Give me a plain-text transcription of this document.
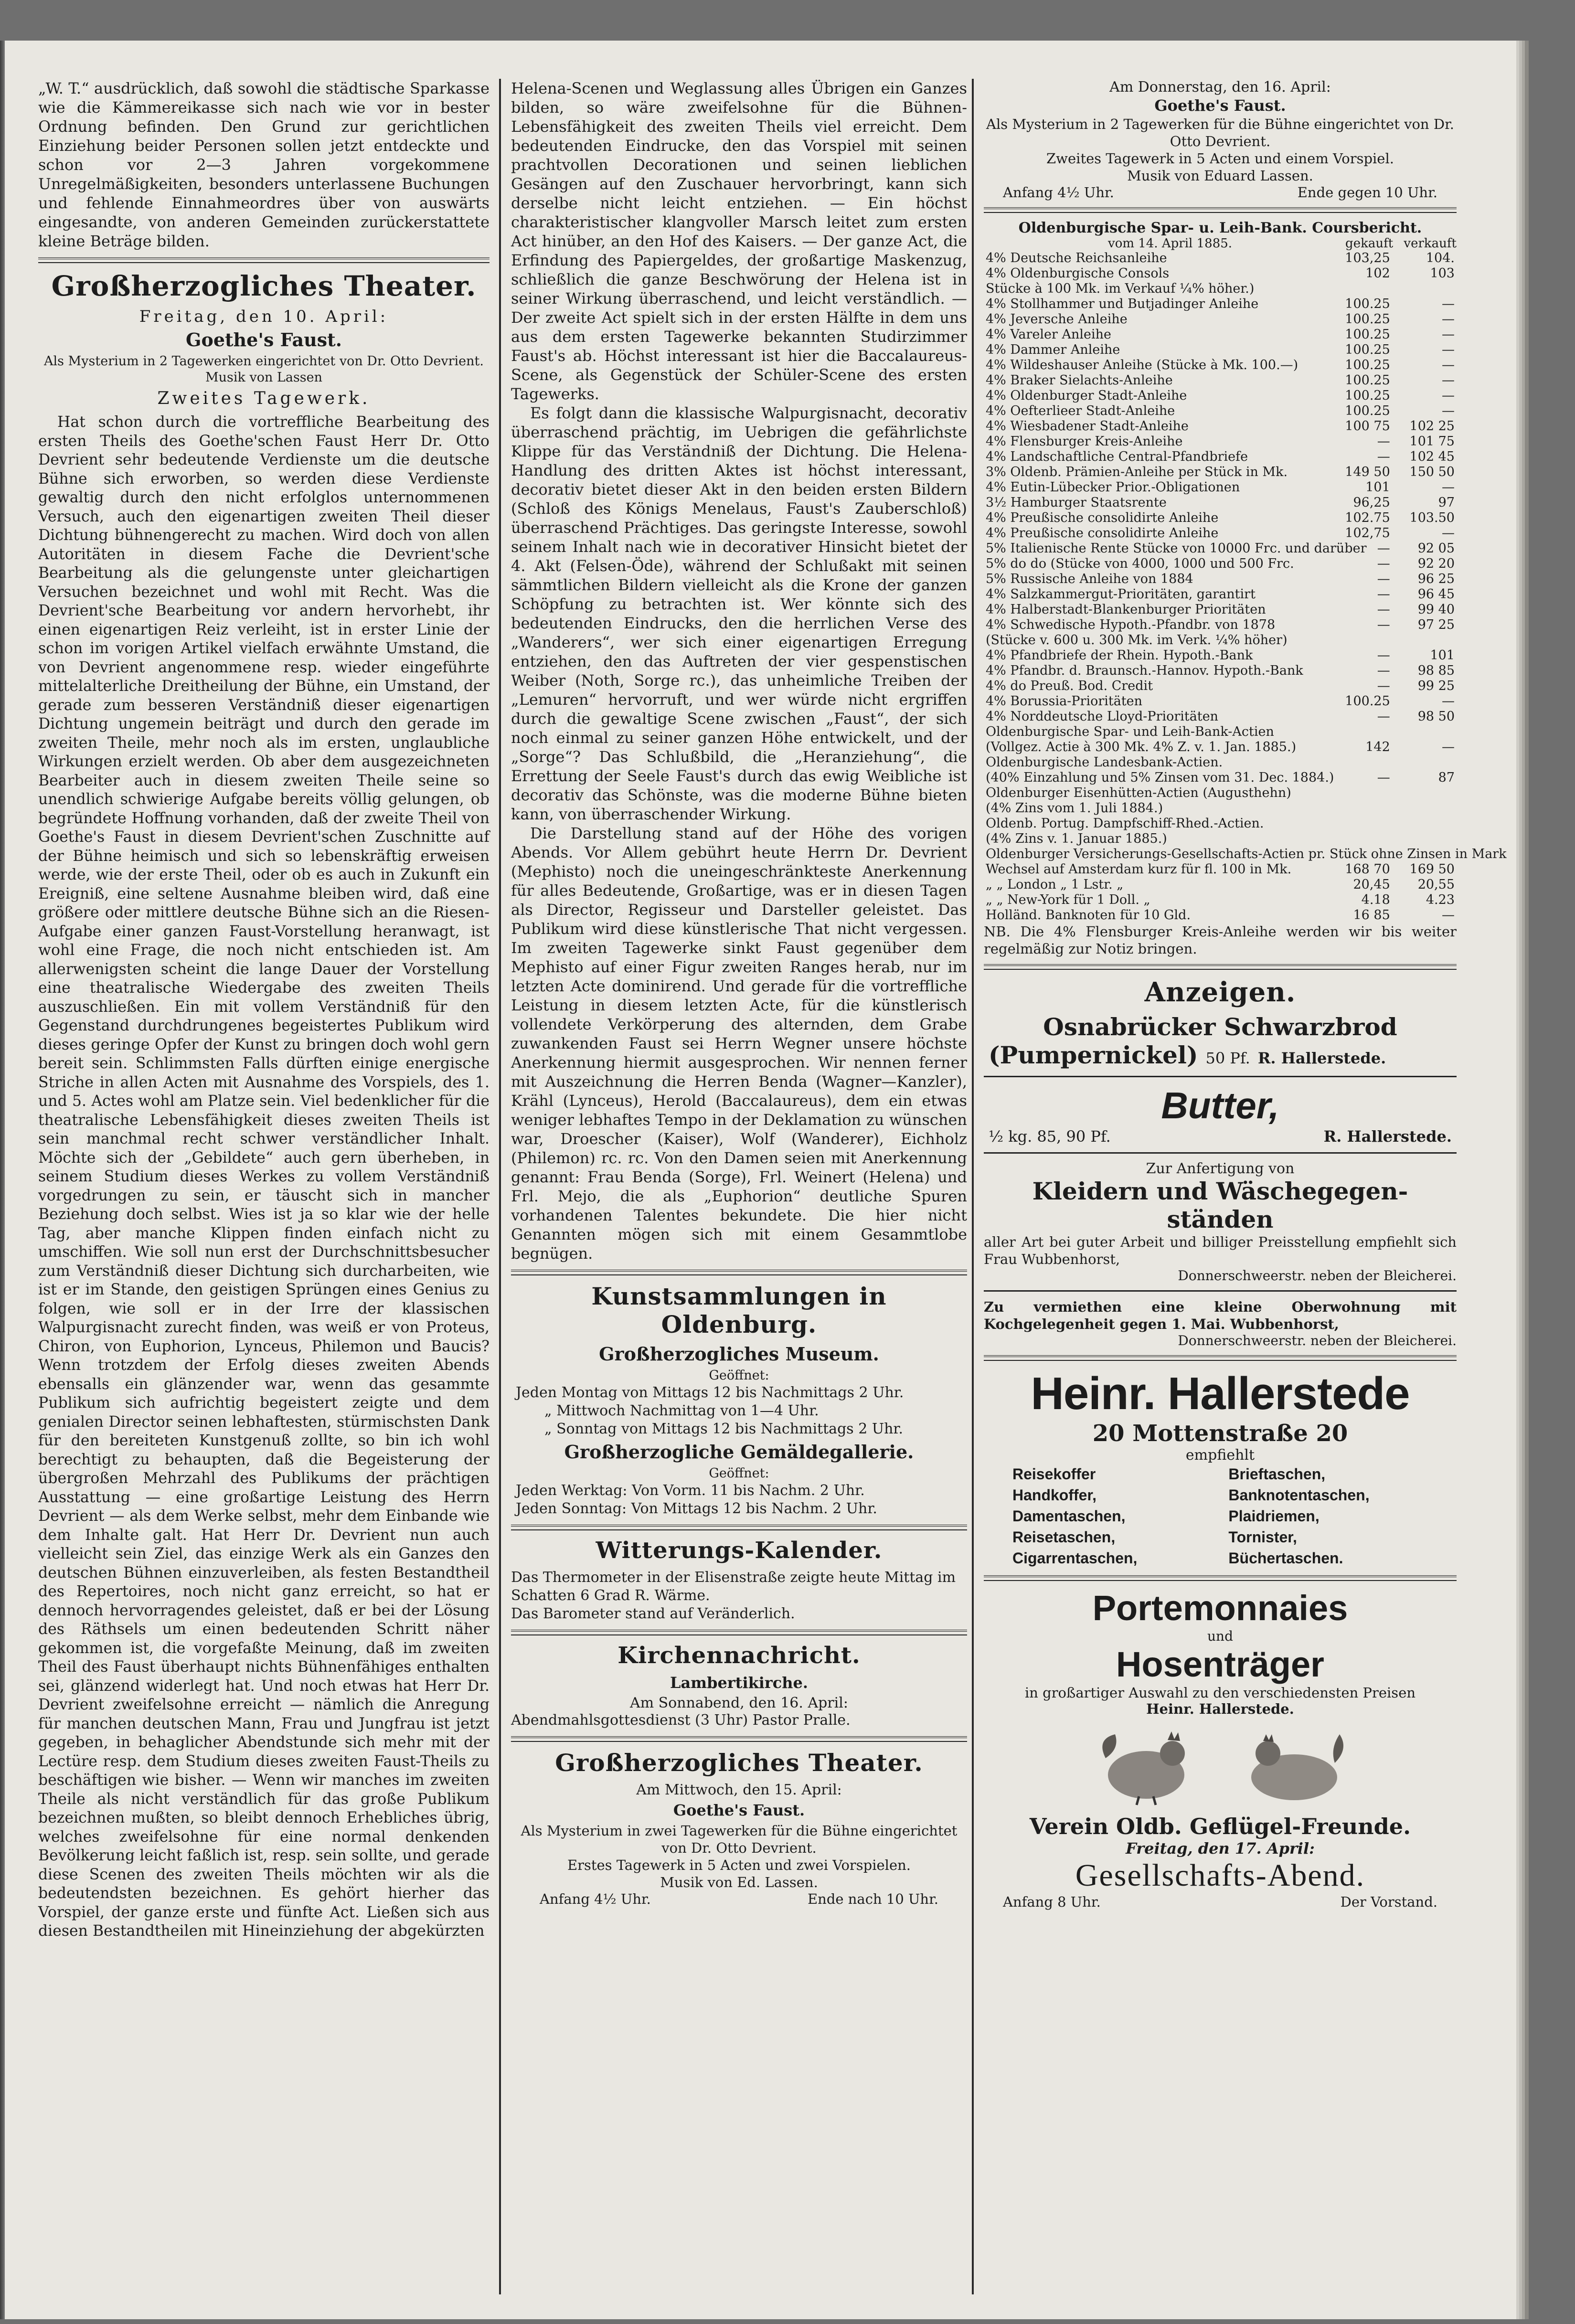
„W. T.“ ausdrücklich, daß sowohl die städtische Sparkasse wie die Kämmereikasse sich nach wie vor in bester Ordnung befinden. Den Grund zur gerichtlichen Einziehung beider Personen sollen jetzt entdeckte und schon vor 2—3 Jahren vorgekommene Unregelmäßigkeiten, besonders unterlassene Buchungen und fehlende Einnahmeordres über von auswärts eingesandte, von anderen Gemeinden zurückerstattete kleine Beträge bilden.

Großherzogliches Theater.
Freitag, den 10. April:
Goethe's Faust.
Als Mysterium in 2 Tagewerken eingerichtet von Dr. Otto Devrient. Musik von Lassen
Zweites Tagewerk.

Hat schon durch die vortreffliche Bearbeitung des ersten Theils des Goethe'schen Faust Herr Dr. Otto Devrient sehr bedeutende Verdienste um die deutsche Bühne sich erworben, so werden diese Verdienste gewaltig durch den nicht erfolglos unternommenen Versuch, auch den eigenartigen zweiten Theil dieser Dichtung bühnengerecht zu machen. Wird doch von allen Autoritäten in diesem Fache die Devrient'sche Bearbeitung als die gelungenste unter gleichartigen Versuchen bezeichnet und wohl mit Recht. Was die Devrient'sche Bearbeitung vor andern hervorhebt, ihr einen eigenartigen Reiz verleiht, ist in erster Linie der schon im vorigen Artikel vielfach erwähnte Umstand, die von Devrient angenommene resp. wieder eingeführte mittelalterliche Dreitheilung der Bühne, ein Umstand, der gerade zum besseren Verständniß dieser eigenartigen Dichtung ungemein beiträgt und durch den gerade im zweiten Theile, mehr noch als im ersten, unglaubliche Wirkungen erzielt werden. Ob aber dem ausgezeichneten Bearbeiter auch in diesem zweiten Theile seine so unendlich schwierige Aufgabe bereits völlig gelungen, ob begründete Hoffnung vorhanden, daß der zweite Theil von Goethe's Faust in diesem Devrient'schen Zuschnitte auf der Bühne heimisch und sich so lebenskräftig erweisen werde, wie der erste Theil, oder ob es auch in Zukunft ein Ereigniß, eine seltene Ausnahme bleiben wird, daß eine größere oder mittlere deutsche Bühne sich an die Riesen-Aufgabe einer ganzen Faust-Vorstellung heranwagt, ist wohl eine Frage, die noch nicht entschieden ist. Am allerwenigsten scheint die lange Dauer der Vorstellung eine theatralische Wiedergabe des zweiten Theils auszuschließen. Ein mit vollem Verständniß für den Gegenstand durchdrungenes begeistertes Publikum wird dieses geringe Opfer der Kunst zu bringen doch wohl gern bereit sein. Schlimmsten Falls dürften einige energische Striche in allen Acten mit Ausnahme des Vorspiels, des 1. und 5. Actes wohl am Platze sein. Viel bedenklicher für die theatralische Lebensfähigkeit dieses zweiten Theils ist sein manchmal recht schwer verständlicher Inhalt. Möchte sich der „Gebildete“ auch gern überheben, in seinem Studium dieses Werkes zu vollem Verständniß vorgedrungen zu sein, er täuscht sich in mancher Beziehung doch selbst. Wies ist ja so klar wie der helle Tag, aber manche Klippen finden einfach nicht zu umschiffen. Wie soll nun erst der Durchschnittsbesucher zum Verständniß dieser Dichtung sich durcharbeiten, wie ist er im Stande, den geistigen Sprüngen eines Genius zu folgen, wie soll er in der Irre der klassischen Walpurgisnacht zurecht finden, was weiß er von Proteus, Chiron, von Euphorion, Lynceus, Philemon und Baucis? Wenn trotzdem der Erfolg dieses zweiten Abends ebensalls ein glänzender war, wenn das gesammte Publikum sich aufrichtig begeistert zeigte und dem genialen Director seinen lebhaftesten, stürmischsten Dank für den bereiteten Kunstgenuß zollte, so bin ich wohl berechtigt zu behaupten, daß die Begeisterung der übergroßen Mehrzahl des Publikums der prächtigen Ausstattung — eine großartige Leistung des Herrn Devrient — als dem Werke selbst, mehr dem Einbande wie dem Inhalte galt. Hat Herr Dr. Devrient nun auch vielleicht sein Ziel, das einzige Werk als ein Ganzes den deutschen Bühnen einzuverleiben, als festen Bestandtheil des Repertoires, noch nicht ganz erreicht, so hat er dennoch hervorragendes geleistet, daß er bei der Lösung des Räthsels um einen bedeutenden Schritt näher gekommen ist, die vorgefaßte Meinung, daß im zweiten Theil des Faust überhaupt nichts Bühnenfähiges enthalten sei, glänzend widerlegt hat. Und noch etwas hat Herr Dr. Devrient zweifelsohne erreicht — nämlich die Anregung für manchen deutschen Mann, Frau und Jungfrau ist jetzt gegeben, in behaglicher Abendstunde sich mehr mit der Lectüre resp. dem Studium dieses zweiten Faust-Theils zu beschäftigen wie bisher. — Wenn wir manches im zweiten Theile als nicht verständlich für das große Publikum bezeichnen mußten, so bleibt dennoch Erhebliches übrig, welches zweifelsohne für eine normal denkenden Bevölkerung leicht faßlich ist, resp. sein sollte, und gerade diese Scenen des zweiten Theils möchten wir als die bedeutendsten bezeichnen. Es gehört hierher das Vorspiel, der ganze erste und fünfte Act. Ließen sich aus diesen Bestandtheilen mit Hineinziehung der abgekürzten

Helena-Scenen und Weglassung alles Übrigen ein Ganzes bilden, so wäre zweifelsohne für die Bühnen-Lebensfähigkeit des zweiten Theils viel erreicht. Dem bedeutenden Eindrucke, den das Vorspiel mit seinen prachtvollen Decorationen und seinen lieblichen Gesängen auf den Zuschauer hervorbringt, kann sich derselbe nicht leicht entziehen. — Ein höchst charakteristischer klangvoller Marsch leitet zum ersten Act hinüber, an den Hof des Kaisers. — Der ganze Act, die Erfindung des Papiergeldes, der großartige Maskenzug, schließlich die ganze Beschwörung der Helena ist in seiner Wirkung überraschend, und leicht verständlich. — Der zweite Act spielt sich in der ersten Hälfte in dem uns aus dem ersten Tagewerke bekannten Studirzimmer Faust's ab. Höchst interessant ist hier die Baccalaureus-Scene, als Gegenstück der Schüler-Scene des ersten Tagewerks.

Es folgt dann die klassische Walpurgisnacht, decorativ überraschend prächtig, im Uebrigen die gefährlichste Klippe für das Verständniß der Dichtung. Die Helena-Handlung des dritten Aktes ist höchst interessant, decorativ bietet dieser Akt in den beiden ersten Bildern (Schloß des Königs Menelaus, Faust's Zauberschloß) überraschend Prächtiges. Das geringste Interesse, sowohl seinem Inhalt nach wie in decorativer Hinsicht bietet der 4. Akt (Felsen-Öde), während der Schlußakt mit seinen sämmtlichen Bildern vielleicht als die Krone der ganzen Schöpfung zu betrachten ist. Wer könnte sich des bedeutenden Eindrucks, den die herrlichen Verse des „Wanderers“, wer sich einer eigenartigen Erregung entziehen, den das Auftreten der vier gespenstischen Weiber (Noth, Sorge rc.), das unheimliche Treiben der „Lemuren“ hervorruft, und wer würde nicht ergriffen durch die gewaltige Scene zwischen „Faust“, der sich noch einmal zu seiner ganzen Höhe entwickelt, und der „Sorge“? Das Schlußbild, die „Heranziehung“, die Errettung der Seele Faust's durch das ewig Weibliche ist decorativ das Schönste, was die moderne Bühne bieten kann, von überraschender Wirkung.

Die Darstellung stand auf der Höhe des vorigen Abends. Vor Allem gebührt heute Herrn Dr. Devrient (Mephisto) noch die uneingeschränkteste Anerkennung für alles Bedeutende, Großartige, was er in diesen Tagen als Director, Regisseur und Darsteller geleistet. Das Publikum wird diese künstlerische That nicht vergessen. Im zweiten Tagewerke sinkt Faust gegenüber dem Mephisto auf einer Figur zweiten Ranges herab, nur im letzten Acte dominirend. Und gerade für die vortreffliche Leistung in diesem letzten Acte, für die künstlerisch vollendete Verkörperung des alternden, dem Grabe zuwankenden Faust sei Herrn Wegner unsere höchste Anerkennung hiermit ausgesprochen. Wir nennen ferner mit Auszeichnung die Herren Benda (Wagner—Kanzler), Krähl (Lynceus), Herold (Baccalaureus), dem ein etwas weniger lebhaftes Tempo in der Deklamation zu wünschen war, Droescher (Kaiser), Wolf (Wanderer), Eichholz (Philemon) rc. rc. Von den Damen seien mit Anerkennung genannt: Frau Benda (Sorge), Frl. Weinert (Helena) und Frl. Mejo, die als „Euphorion“ deutliche Spuren vorhandenen Talentes bekundete. Die hier nicht Genannten mögen sich mit einem Gesammtlobe begnügen.

Kunstsammlungen in Oldenburg.
Großherzogliches Museum.
Geöffnet:
Jeden Montag von Mittags 12 bis Nachmittags 2 Uhr.
„ Mittwoch Nachmittag von 1—4 Uhr.
„ Sonntag von Mittags 12 bis Nachmittags 2 Uhr.
Großherzogliche Gemäldegallerie.
Geöffnet:
Jeden Werktag: Von Vorm. 11 bis Nachm. 2 Uhr.
Jeden Sonntag: Von Mittags 12 bis Nachm. 2 Uhr.
Witterungs-Kalender.
Das Thermometer in der Elisenstraße zeigte heute Mittag im Schatten 6 Grad R. Wärme.
Das Barometer stand auf Veränderlich.
Kirchennachricht.
Lambertikirche.
Am Sonnabend, den 16. April:
Abendmahlsgottesdienst (3 Uhr) Pastor Pralle.
Großherzogliches Theater.
Am Mittwoch, den 15. April:
Goethe's Faust.
Als Mysterium in zwei Tagewerken für die Bühne eingerichtet von Dr. Otto Devrient.
Erstes Tagewerk in 5 Acten und zwei Vorspielen.
Musik von Ed. Lassen.
Anfang 4½ Uhr.	Ende nach 10 Uhr.
Am Donnerstag, den 16. April:
Goethe's Faust.
Als Mysterium in 2 Tagewerken für die Bühne eingerichtet von Dr. Otto Devrient.
Zweites Tagewerk in 5 Acten und einem Vorspiel.
Musik von Eduard Lassen.
Anfang 4½ Uhr.	Ende gegen 10 Uhr.
Oldenburgische Spar- u. Leih-Bank. Coursbericht.
vom 14. April 1885.	gekauft verkauft
4% Deutsche Reichsanleihe	103,25	104.
4% Oldenburgische Consols	102	103
Stücke à 100 Mk. im Verkauf ¼% höher.)		
4% Stollhammer und Butjadinger Anleihe	100.25	—
4% Jeversche Anleihe	100.25	—
4% Vareler Anleihe	100.25	—
4% Dammer Anleihe	100.25	—
4% Wildeshauser Anleihe (Stücke à Mk. 100.—)	100.25	—
4% Braker Sielachts-Anleihe	100.25	—
4% Oldenburger Stadt-Anleihe	100.25	—
4% Oefterlieer Stadt-Anleihe	100.25	—
4% Wiesbadener Stadt-Anleihe	100 75	102 25
4% Flensburger Kreis-Anleihe	—	101 75
4% Landschaftliche Central-Pfandbriefe	—	102 45
3% Oldenb. Prämien-Anleihe per Stück in Mk.	149 50	150 50
4% Eutin-Lübecker Prior.-Obligationen	101	—
3½ Hamburger Staatsrente	96,25	97
4% Preußische consolidirte Anleihe	102.75	103.50
4% Preußische consolidirte Anleihe	102,75	—
5% Italienische Rente Stücke von 10000 Frc. und darüber	—	92 05
5% do do (Stücke von 4000, 1000 und 500 Frc.	—	92 20
5% Russische Anleihe von 1884	—	96 25
4% Salzkammergut-Prioritäten, garantirt	—	96 45
4% Halberstadt-Blankenburger Prioritäten	—	99 40
4% Schwedische Hypoth.-Pfandbr. von 1878	—	97 25
(Stücke v. 600 u. 300 Mk. im Verk. ¼% höher)		
4% Pfandbriefe der Rhein. Hypoth.-Bank	—	101
4% Pfandbr. d. Braunsch.-Hannov. Hypoth.-Bank	—	98 85
4% do Preuß. Bod. Credit	—	99 25
4% Borussia-Prioritäten	100.25	—
4% Norddeutsche Lloyd-Prioritäten	—	98 50
Oldenburgische Spar- und Leih-Bank-Actien		
(Vollgez. Actie à 300 Mk. 4% Z. v. 1. Jan. 1885.)	142	—
Oldenburgische Landesbank-Actien.		
(40% Einzahlung und 5% Zinsen vom 31. Dec. 1884.)	—	87
Oldenburger Eisenhütten-Actien (Augusthehn)		
(4% Zins vom 1. Juli 1884.)		
Oldenb. Portug. Dampfschiff-Rhed.-Actien.		
(4% Zins v. 1. Januar 1885.)		
Oldenburger Versicherungs-Gesellschafts-Actien pr. Stück ohne Zinsen in Mark		
Wechsel auf Amsterdam kurz für fl. 100 in Mk.	168 70	169 50
„ „ London „ 1 Lstr. „	20,45	20,55
„ „ New-York für 1 Doll. „	4.18	4.23
Holländ. Banknoten für 10 Gld.	16 85	—
NB. Die 4% Flensburger Kreis-Anleihe werden wir bis weiter regelmäßig zur Notiz bringen.
Anzeigen.
Osnabrücker Schwarzbrod
(Pumpernickel) 50 Pf. R. Hallerstede.
Butter,
½ kg. 85, 90 Pf.	R. Hallerstede.
Zur Anfertigung von
Kleidern und Wäschegegen-
ständen
aller Art bei guter Arbeit und billiger Preisstellung empfiehlt sich Frau Wubbenhorst,
Donnerschweerstr. neben der Bleicherei.
Zu vermiethen eine kleine Oberwohnung mit Kochgelegenheit gegen 1. Mai. Wubbenhorst,
Donnerschweerstr. neben der Bleicherei.
Heinr. Hallerstede
20 Mottenstraße 20
empfiehlt
Reisekoffer
Handkoffer,
Damentaschen,
Reisetaschen,
Cigarrentaschen,
Brieftaschen,
Banknotentaschen,
Plaidriemen,
Tornister,
Büchertaschen.
Portemonnaies
und
Hosenträger
in großartiger Auswahl zu den verschiedensten Preisen
Heinr. Hallerstede.
Verein Oldb. Geflügel-Freunde.
Freitag, den 17. April:
Gesellschafts-Abend.
Anfang 8 Uhr.	Der Vorstand.
